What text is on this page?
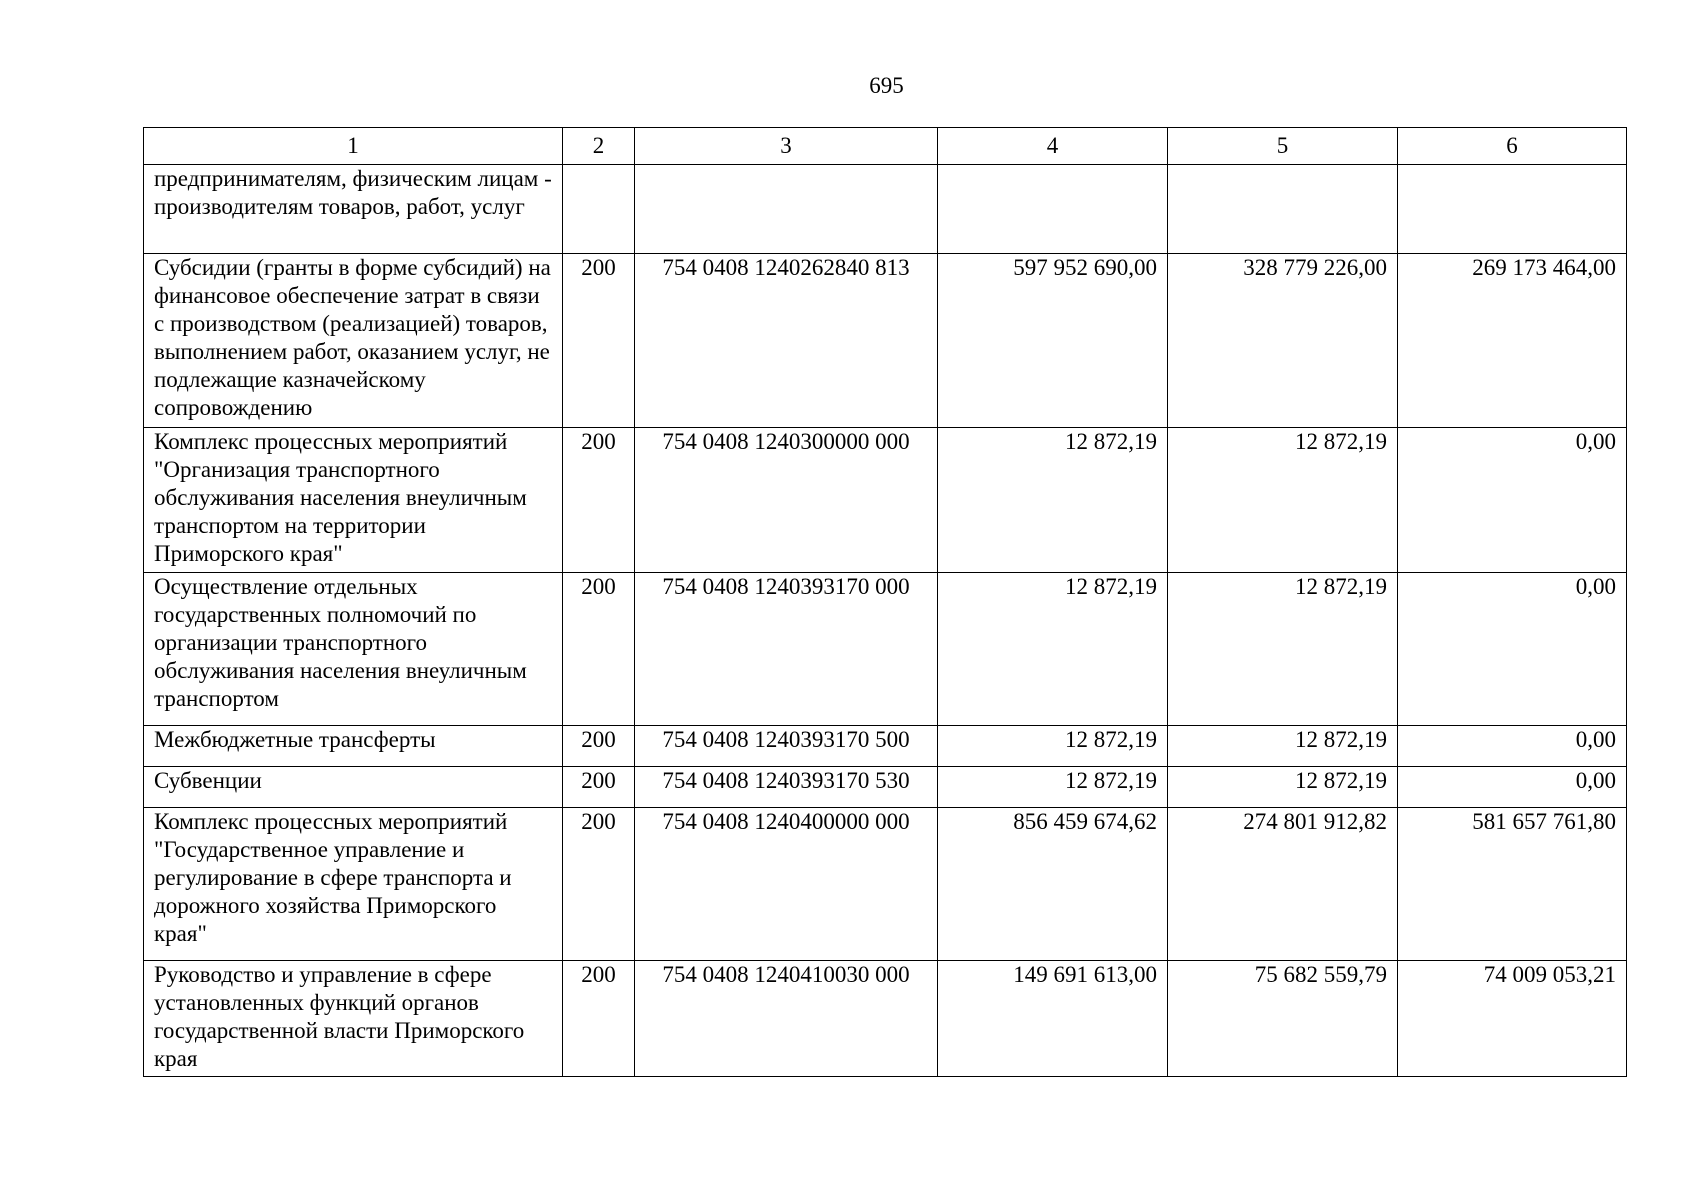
695
1	2	3	4	5	6
предпринимателям, физическим лицам - производителям товаров, работ, услуг					
Субсидии (гранты в форме субсидий) на финансовое обеспечение затрат в связи с производством (реализацией) товаров, выполнением работ, оказанием услуг, не подлежащие казначейскому сопровождению	200	754 0408 1240262840 813	597 952 690,00	328 779 226,00	269 173 464,00
Комплекс процессных мероприятий "Организация транспортного обслуживания населения внеуличным транспортом на территории Приморского края"	200	754 0408 1240300000 000	12 872,19	12 872,19	0,00
Осуществление отдельных государственных полномочий по организации транспортного обслуживания населения внеуличным транспортом	200	754 0408 1240393170 000	12 872,19	12 872,19	0,00
Межбюджетные трансферты	200	754 0408 1240393170 500	12 872,19	12 872,19	0,00
Субвенции	200	754 0408 1240393170 530	12 872,19	12 872,19	0,00
Комплекс процессных мероприятий "Государственное управление и регулирование в сфере транспорта и дорожного хозяйства Приморского края"	200	754 0408 1240400000 000	856 459 674,62	274 801 912,82	581 657 761,80
Руководство и управление в сфере установленных функций органов государственной власти Приморского края	200	754 0408 1240410030 000	149 691 613,00	75 682 559,79	74 009 053,21
